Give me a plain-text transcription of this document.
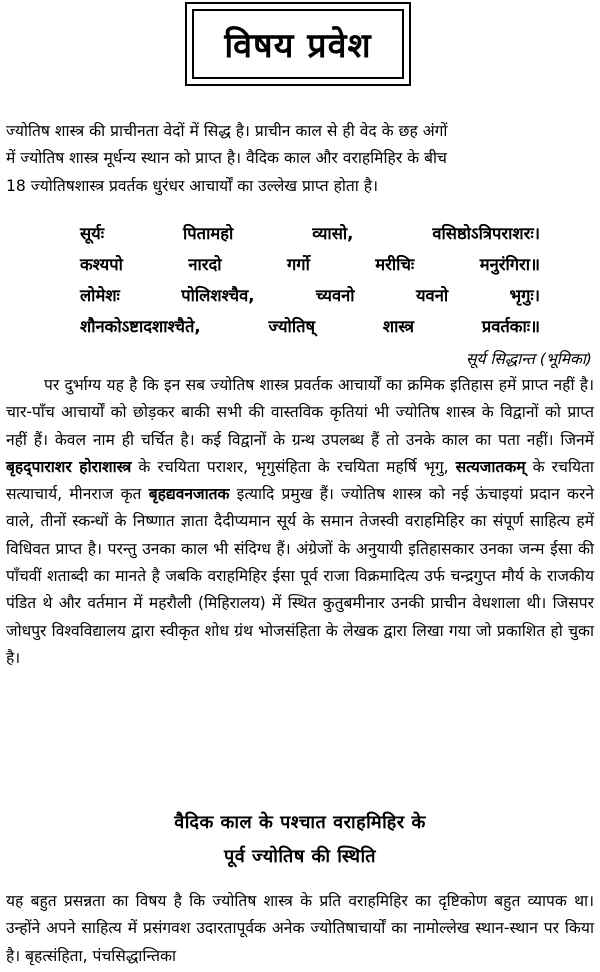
विषय प्रवेश
ज्योतिष शास्त्र की प्राचीनता वेदों में सिद्ध है। प्राचीन काल से ही वेद के छह अंगों
में ज्योतिष शास्त्र मूर्धन्य स्थान को प्राप्त है। वैदिक काल और वराहमिहिर के बीच
18 ज्योतिषशास्त्र प्रवर्तक धुरंधर आचार्यों का उल्लेख प्राप्त होता है।
सूर्यः	पितामहो	व्यासो,	वसिष्ठोऽत्रिपराशरः।
कश्यपो	नारदो	गर्गो	मरीचिः	मनुरंगिरा॥
लोमेशः	पोलिशश्चैव,	च्यवनो	यवनो	भृगुः।
शौनकोऽष्टादशाश्चैते,	ज्योतिष्	शास्त्र	प्रवर्तकाः॥
सूर्य सिद्धान्त (भूमिका)

पर दुर्भाग्य यह है कि इन सब ज्योतिष शास्त्र प्रवर्तक आचार्यों का क्रमिक इतिहास हमें प्राप्त नहीं है। चार-पाँच आचार्यों को छोड़कर बाकी सभी की वास्तविक कृतियां भी ज्योतिष शास्त्र के विद्वानों को प्राप्त नहीं हैं। केवल नाम ही चर्चित है। कई विद्वानों के ग्रन्थ उपलब्ध हैं तो उनके काल का पता नहीं। जिनमें बृहद्पाराशर होराशास्त्र के रचयिता पराशर, भृगुसंहिता के रचयिता महर्षि भृगु, सत्यजातकम् के रचयिता सत्याचार्य, मीनराज कृत बृहद्यवनजातक इत्यादि प्रमुख हैं। ज्योतिष शास्त्र को नई ऊंचाइयां प्रदान करने वाले, तीनों स्कन्धों के निष्णात ज्ञाता दैदीप्यमान सूर्य के समान तेजस्वी वराहमिहिर का संपूर्ण साहित्य हमें विधिवत प्राप्त है। परन्तु उनका काल भी संदिग्ध हैं। अंग्रेजों के अनुयायी इतिहासकार उनका जन्म ईसा की पाँचवीं शताब्दी का मानते है जबकि वराहमिहिर ईसा पूर्व राजा विक्रमादित्य उर्फ चन्द्रगुप्त मौर्य के राजकीय पंडित थे और वर्तमान में महरौली (मिहिरालय) में स्थित कुतुबमीनार उनकी प्राचीन वेधशाला थी। जिसपर जोधपुर विश्वविद्यालय द्वारा स्वीकृत शोध ग्रंथ भोजसंहिता के लेखक द्वारा लिखा गया जो प्रकाशित हो चुका है।

वैदिक काल के पश्चात वराहमिहिर के
पूर्व ज्योतिष की स्थिति

यह बहुत प्रसन्नता का विषय है कि ज्योतिष शास्त्र के प्रति वराहमिहिर का दृष्टिकोण बहुत व्यापक था। उन्होंने अपने साहित्य में प्रसंगवश उदारतापूर्वक अनेक ज्योतिषाचार्यों का नामोल्लेख स्थान-स्थान पर किया है। बृहत्संहिता, पंचसिद्धान्तिका
